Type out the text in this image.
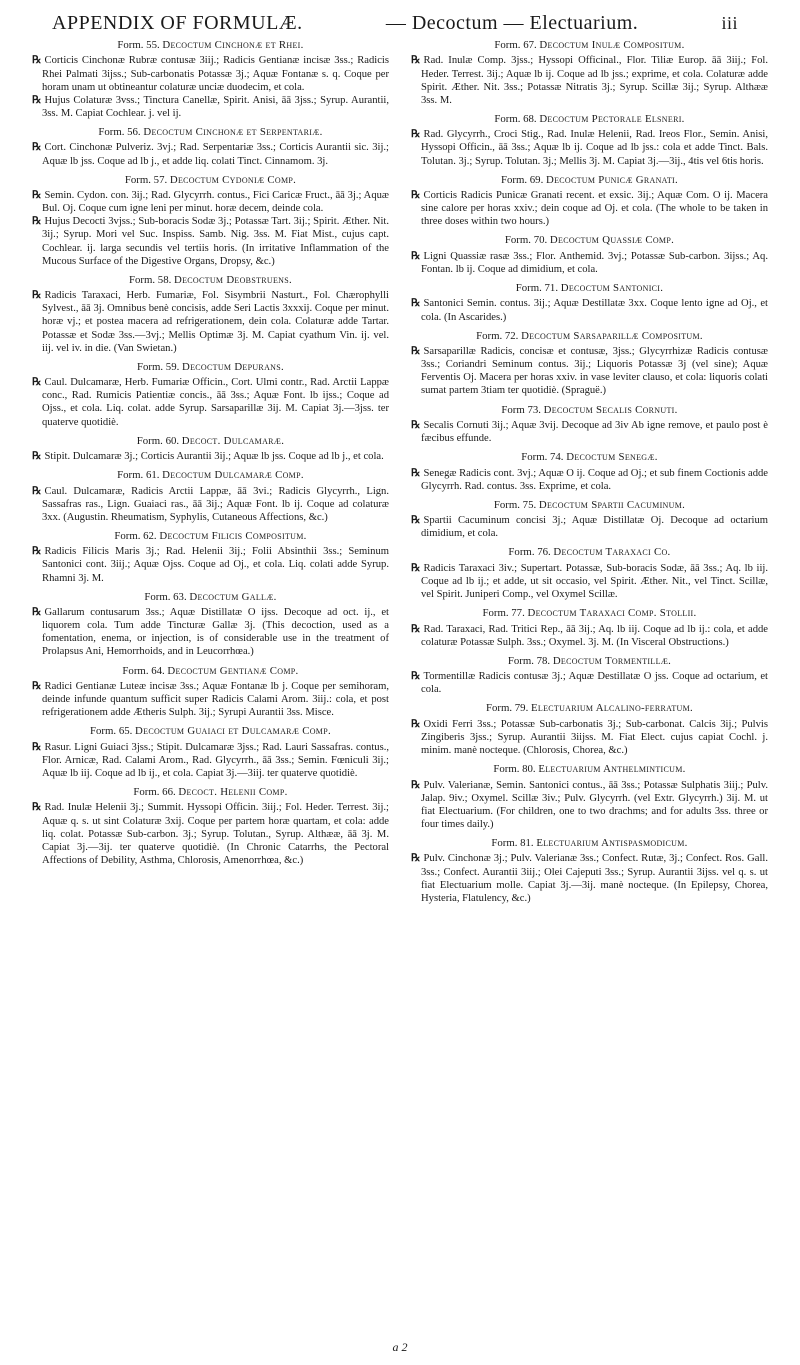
APPENDIX OF FORMULÆ.	— Decoctum — Electuarium.	iii
Form. 55. Decoctum Cinchonæ et Rhei.

℞ Corticis Cinchonæ Rubræ contusæ 3iij.; Radicis Gentianæ incisæ 3ss.; Radicis Rhei Palmati 3ijss.; Sub-carbonatis Potassæ 3j.; Aquæ Fontanæ s. q. Coque per horam unam ut obtineantur colaturæ unciæ duodecim, et cola.

℞ Hujus Colaturæ 3vss.; Tinctura Canellæ, Spirit. Anisi, āā 3jss.; Syrup. Aurantii, 3ss. M. Capiat Cochlear. j. vel ij.

Form. 56. Decoctum Cinchonæ et Serpentariæ.

℞ Cort. Cinchonæ Pulveriz. 3vj.; Rad. Serpentariæ 3ss.; Corticis Aurantii sic. 3ij.; Aquæ lb jss. Coque ad lb j., et adde liq. colati Tinct. Cinnamom. 3j.

Form. 57. Decoctum Cydoniæ Comp.

℞ Semin. Cydon. con. 3ij.; Rad. Glycyrrh. contus., Fici Caricæ Fruct., āā 3j.; Aquæ Bul. Oj. Coque cum igne leni per minut. horæ decem, deinde cola.

℞ Hujus Decocti 3vjss.; Sub-boracis Sodæ 3j.; Potassæ Tart. 3ij.; Spirit. Æther. Nit. 3ij.; Syrup. Mori vel Suc. Inspiss. Samb. Nig. 3ss. M. Fiat Mist., cujus capt. Cochlear. ij. larga secundis vel tertiis horis. (In irritative Inflammation of the Mucous Surface of the Digestive Organs, Dropsy, &c.)

Form. 58. Decoctum Deobstruens.

℞ Radicis Taraxaci, Herb. Fumariæ, Fol. Sisymbrii Nasturt., Fol. Chærophylli Sylvest., āā 3j. Omnibus benè concisis, adde Seri Lactis 3xxxij. Coque per minut. horæ vj.; et postea macera ad refrigerationem, dein cola. Colaturæ adde Tartar. Potassæ et Sodæ 3ss.—3vj.; Mellis Optimæ 3j. M. Capiat cyathum Vin. ij. vel. iij. vel iv. in die. (Van Swietan.)

Form. 59. Decoctum Depurans.

℞ Caul. Dulcamaræ, Herb. Fumariæ Officin., Cort. Ulmi contr., Rad. Arctii Lappæ conc., Rad. Rumicis Patientiæ concis., āā 3ss.; Aquæ Font. lb ijss.; Coque ad Ojss., et cola. Liq. colat. adde Syrup. Sarsaparillæ 3ij. M. Capiat 3j.—3jss. ter quaterve quotidiè.

Form. 60. Decoct. Dulcamaræ.

℞ Stipit. Dulcamaræ 3j.; Corticis Aurantii 3ij.; Aquæ lb jss. Coque ad lb j., et cola.

Form. 61. Decoctum Dulcamaræ Comp.

℞ Caul. Dulcamaræ, Radicis Arctii Lappæ, āā 3vi.; Radicis Glycyrrh., Lign. Sassafras ras., Lign. Guaiaci ras., āā 3ij.; Aquæ Font. lb ij. Coque ad colaturæ 3xx. (Augustin. Rheumatism, Syphylis, Cutaneous Affections, &c.)

Form. 62. Decoctum Filicis Compositum.

℞ Radicis Filicis Maris 3j.; Rad. Helenii 3ij.; Folii Absinthii 3ss.; Seminum Santonici cont. 3iij.; Aquæ Ojss. Coque ad Oj., et cola. Liq. colati adde Syrup. Rhamni 3j. M.

Form. 63. Decoctum Gallæ.

℞ Gallarum contusarum 3ss.; Aquæ Distillatæ O ijss. Decoque ad oct. ij., et liquorem cola. Tum adde Tincturæ Gallæ 3j. (This decoction, used as a fomentation, enema, or injection, is of considerable use in the treatment of Prolapsus Ani, Hemorrhoids, and in Leucorrhœa.)

Form. 64. Decoctum Gentianæ Comp.

℞ Radici Gentianæ Luteæ incisæ 3ss.; Aquæ Fontanæ lb j. Coque per semihoram, deinde infunde quantum sufficit super Radicis Calami Arom. 3iij.: cola, et post refrigerationem adde Ætheris Sulph. 3ij.; Syrupi Aurantii 3ss. Misce.

Form. 65. Decoctum Guaiaci et Dulcamaræ Comp.

℞ Rasur. Ligni Guiaci 3jss.; Stipit. Dulcamaræ 3jss.; Rad. Lauri Sassafras. contus., Flor. Arnicæ, Rad. Calami Arom., Rad. Glycyrrh., āā 3ss.; Semin. Fœniculi 3ij.; Aquæ lb iij. Coque ad lb ij., et cola. Capiat 3j.—3iij. ter quaterve quotidiè.

Form. 66. Decoct. Helenii Comp.

℞ Rad. Inulæ Helenii 3j.; Summit. Hyssopi Officin. 3iij.; Fol. Heder. Terrest. 3ij.; Aquæ q. s. ut sint Colaturæ 3xij. Coque per partem horæ quartam, et cola: adde liq. colat. Potassæ Sub-carbon. 3j.; Syrup. Tolutan., Syrup. Althææ, āā 3j. M. Capiat 3j.—3ij. ter quaterve quotidiè. (In Chronic Catarrhs, the Pectoral Affections of Debility, Asthma, Chlorosis, Amenorrhœa, &c.)

Form. 67. Decoctum Inulæ Compositum.

℞ Rad. Inulæ Comp. 3jss.; Hyssopi Officinal., Flor. Tiliæ Europ. āā 3iij.; Fol. Heder. Terrest. 3ij.; Aquæ lb ij. Coque ad lb jss.; exprime, et cola. Colaturæ adde Spirit. Æther. Nit. 3ss.; Potassæ Nitratis 3j.; Syrup. Scillæ 3ij.; Syrup. Althææ 3ss. M.

Form. 68. Decoctum Pectorale Elsneri.

℞ Rad. Glycyrrh., Croci Stig., Rad. Inulæ Helenii, Rad. Ireos Flor., Semin. Anisi, Hyssopi Officin., āā 3ss.; Aquæ lb ij. Coque ad lb jss.: cola et adde Tinct. Bals. Tolutan. 3j.; Syrup. Tolutan. 3j.; Mellis 3j. M. Capiat 3j.—3ij., 4tis vel 6tis horis.

Form. 69. Decoctum Punicæ Granati.

℞ Corticis Radicis Punicæ Granati recent. et exsic. 3ij.; Aquæ Com. O ij. Macera sine calore per horas xxiv.; dein coque ad Oj. et cola. (The whole to be taken in three doses within two hours.)

Form. 70. Decoctum Quassiæ Comp.

℞ Ligni Quassiæ rasæ 3ss.; Flor. Anthemid. 3vj.; Potassæ Sub-carbon. 3ijss.; Aq. Fontan. lb ij. Coque ad dimidium, et cola.

Form. 71. Decoctum Santonici.

℞ Santonici Semin. contus. 3ij.; Aquæ Destillatæ 3xx. Coque lento igne ad Oj., et cola. (In Ascarides.)

Form. 72. Decoctum Sarsaparillæ Compositum.

℞ Sarsaparillæ Radicis, concisæ et contusæ, 3jss.; Glycyrrhizæ Radicis contusæ 3ss.; Coriandri Seminum contus. 3ij.; Liquoris Potassæ 3j (vel sine); Aquæ Ferventis Oj. Macera per horas xxiv. in vase leviter clauso, et cola: liquoris colati sumat partem 3tiam ter quotidiè. (Spraguë.)

Form 73. Decoctum Secalis Cornuti.

℞ Secalis Cornuti 3ij.; Aquæ 3vij. Decoque ad 3iv Ab igne remove, et paulo post è fæcibus effunde.

Form. 74. Decoctum Senegæ.

℞ Senegæ Radicis cont. 3vj.; Aquæ O ij. Coque ad Oj.; et sub finem Coctionis adde Glycyrrh. Rad. contus. 3ss. Exprime, et cola.

Form. 75. Decoctum Spartii Cacuminum.

℞ Spartii Cacuminum concisi 3j.; Aquæ Distillatæ Oj. Decoque ad octarium dimidium, et cola.

Form. 76. Decoctum Taraxaci Co.

℞ Radicis Taraxaci 3iv.; Supertart. Potassæ, Sub-boracis Sodæ, āā 3ss.; Aq. lb iij. Coque ad lb ij.; et adde, ut sit occasio, vel Spirit. Æther. Nit., vel Tinct. Scillæ, vel Spirit. Juniperi Comp., vel Oxymel Scillæ.

Form. 77. Decoctum Taraxaci Comp. Stollii.

℞ Rad. Taraxaci, Rad. Tritici Rep., āā 3ij.; Aq. lb iij. Coque ad lb ij.: cola, et adde colaturæ Potassæ Sulph. 3ss.; Oxymel. 3j. M. (In Visceral Obstructions.)

Form. 78. Decoctum Tormentillæ.

℞ Tormentillæ Radicis contusæ 3j.; Aquæ Destillatæ O jss. Coque ad octarium, et cola.

Form. 79. Electuarium Alcalino-ferratum.

℞ Oxidi Ferri 3ss.; Potassæ Sub-carbonatis 3j.; Sub-carbonat. Calcis 3ij.; Pulvis Zingiberis 3jss.; Syrup. Aurantii 3iijss. M. Fiat Elect. cujus capiat Cochl. j. minim. manè nocteque. (Chlorosis, Chorea, &c.)

Form. 80. Electuarium Anthelminticum.

℞ Pulv. Valerianæ, Semin. Santonici contus., āā 3ss.; Potassæ Sulphatis 3iij.; Pulv. Jalap. 9iv.; Oxymel. Scillæ 3iv.; Pulv. Glycyrrh. (vel Extr. Glycyrrh.) 3ij. M. ut fiat Electuarium. (For children, one to two drachms; and for adults 3ss. three or four times daily.)

Form. 81. Electuarium Antispasmodicum.

℞ Pulv. Cinchonæ 3j.; Pulv. Valerianæ 3ss.; Confect. Rutæ, 3j.; Confect. Ros. Gall. 3ss.; Confect. Aurantii 3iij.; Olei Cajeputi 3ss.; Syrup. Aurantii 3ijss. vel q. s. ut fiat Electuarium molle. Capiat 3j.—3ij. manè nocteque. (In Epilepsy, Chorea, Hysteria, Flatulency, &c.)

a 2
